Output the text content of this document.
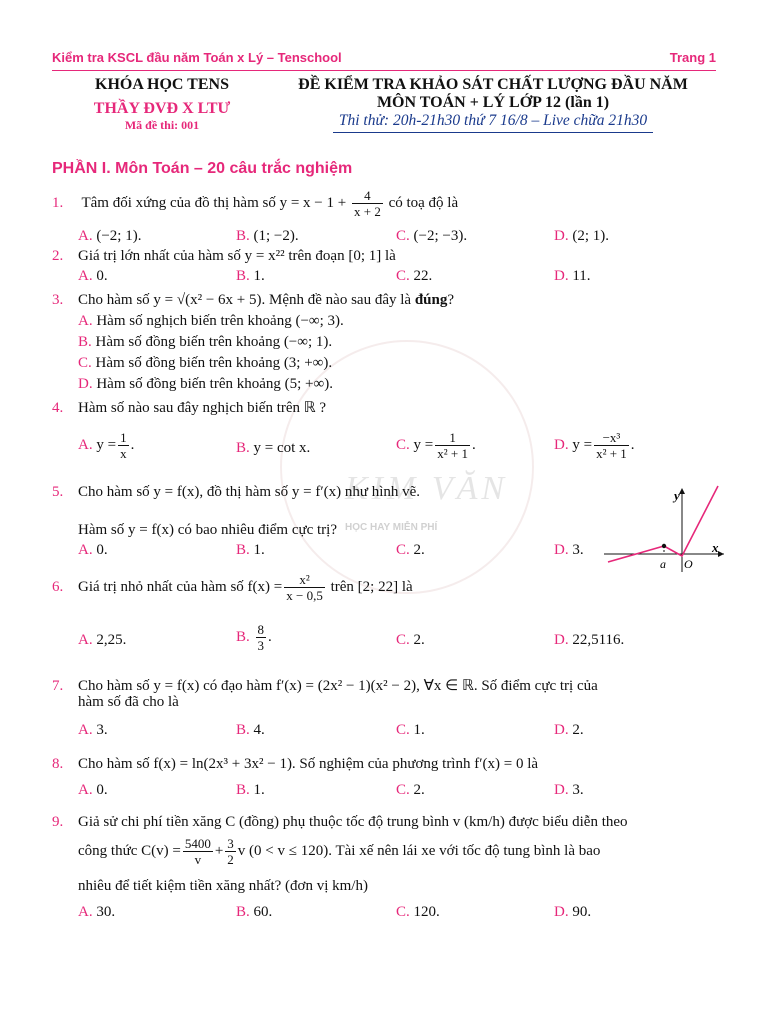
Kiểm tra KSCL đầu năm Toán x Lý – Tenschool	Trang 1
KHÓA HỌC TENS
THẦY ĐVĐ X LTƯ
Mã đề thi: 001
ĐỀ KIỂM TRA KHẢO SÁT CHẤT LƯỢNG ĐẦU NĂM
MÔN TOÁN + LÝ LỚP 12 (lần 1)
Thi thử: 20h-21h30 thứ 7 16/8 – Live chữa 21h30
KIM VĂN
HỌC HAY MIỄN PHÍ
PHẦN I. Môn Toán – 20 câu trắc nghiệm
1. Tâm đối xứng của đồ thị hàm số $y = x - 1 + \frac{4}{x + 2}$ có toạ độ là
A. (−2; 1).	B. (1; −2).	C. (−2; −3).	D. (2; 1).
2. Giá trị lớn nhất của hàm số y = x²² trên đoạn [0; 1] là
A. 0.	B. 1.	C. 22.	D. 11.
3. Cho hàm số y = √(x² − 6x + 5). Mệnh đề nào sau đây là đúng?
A. Hàm số nghịch biến trên khoảng (−∞; 3).
B. Hàm số đồng biến trên khoảng (−∞; 1).
C. Hàm số đồng biến trên khoảng (3; +∞).
D. Hàm số đồng biến trên khoảng (5; +∞).
4. Hàm số nào sau đây nghịch biến trên ℝ ?
A. $y = \frac{1}{x}$ .	B. y = cot x.	C. $y = \frac{1}{\text{x² + 1}}$ .	D. $y = \frac{\text{−x³}}{\text{x² + 1}}$ .
5. Cho hàm số y = f(x), đồ thị hàm số y = f′(x) như hình vẽ.
Hàm số y = f(x) có bao nhiêu điểm cực trị?
A. 0.	B. 1.	C. 2.	D. 3.
y
x
a O
6. Giá trị nhỏ nhất của hàm số $f(x) = \frac{\text{x²}}{x - 0,5}$ trên [2; 22] là
A. 2,25.	B. $\frac{8}{3}$ .	C. 2.	D. 22,5116.
7. Cho hàm số y = f(x) có đạo hàm f′(x) = (2x² − 1)(x² − 2), ∀x ∈ ℝ. Số điểm cực trị của
hàm số đã cho là
A. 3.	B. 4.	C. 1.	D. 2.
8. Cho hàm số f(x) = ln(2x³ + 3x² − 1). Số nghiệm của phương trình f′(x) = 0 là
A. 0.	B. 1.	C. 2.	D. 3.
9. Giả sử chi phí tiền xăng C (đồng) phụ thuộc tốc độ trung bình v (km/h) được biểu diễn theo
công thức $C(v) = \frac{5400}{v} + \frac{3}{2}$ v (0 < v ≤ 120). Tài xế nên lái xe với tốc độ tung bình là bao
nhiêu để tiết kiệm tiền xăng nhất? (đơn vị km/h)
A. 30.	B. 60.	C. 120.	D. 90.
